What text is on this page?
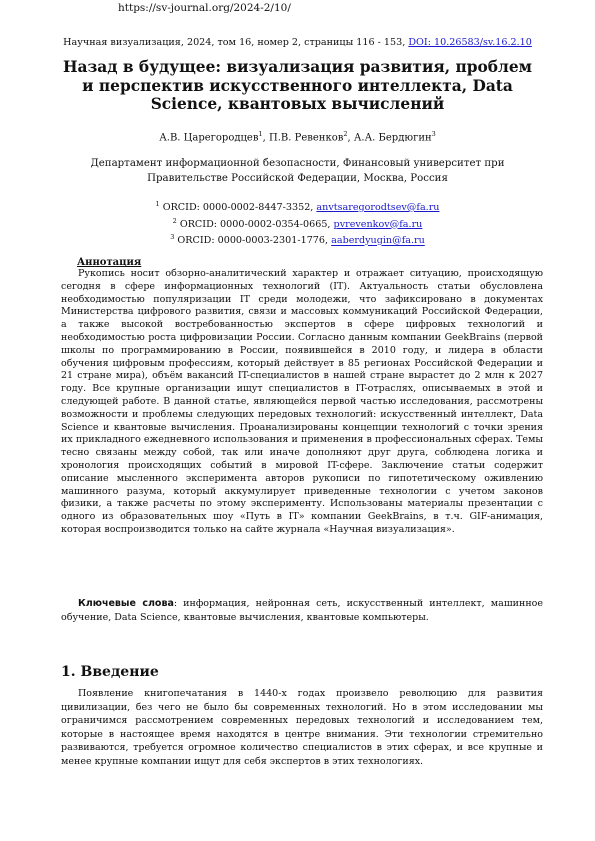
https://sv-journal.org/2024-2/10/
Научная визуализация, 2024, том 16, номер 2, страницы 116 - 153, DOI: 10.26583/sv.16.2.10
Назад в будущее: визуализация развития, проблем и перспектив искусственного интеллекта, Data Science, квантовых вычислений
А.В. Царегородцев$^1$, П.В. Ревенков$^2$, А.А. Бердюгин$^3$
Департамент информационной безопасности, Финансовый университет при Правительстве Российской Федерации, Москва, Россия
$^1$ ORCID: 0000-0002-8447-3352, anvtsaregorodtsev@fa.ru
$^2$ ORCID: 0000-0002-0354-0665, pvrevenkov@fa.ru
$^3$ ORCID: 0000-0003-2301-1776, aaberdyugin@fa.ru
Аннотация

Рукопись носит обзорно-аналитический характер и отражает ситуацию, происходящую сегодня в сфере информационных технологий (IT). Актуальность статьи обусловлена необходимостью популяризации IT среди молодежи, что зафиксировано в документах Министерства цифрового развития, связи и массовых коммуникаций Российской Федерации, а также высокой востребованностью экспертов в сфере цифровых технологий и необходимостью роста цифровизации России. Согласно данным компании GeekBrains (первой школы по программированию в России, появившейся в 2010 году, и лидера в области обучения цифровым профессиям, который действует в 85 регионах Российской Федерации и 21 стране мира), объём вакансий IT-специалистов в нашей стране вырастет до 2 млн к 2027 году. Все крупные организации ищут специалистов в IT-отраслях, описываемых в этой и следующей работе. В данной статье, являющейся первой частью исследования, рассмотрены возможности и проблемы следующих передовых технологий: искусственный интеллект, Data Science и квантовые вычисления. Проанализированы концепции технологий с точки зрения их прикладного ежедневного использования и применения в профессиональных сферах. Темы тесно связаны между собой, так или иначе дополняют друг друга, соблюдена логика и хронология происходящих событий в мировой IT-сфере. Заключение статьи содержит описание мысленного эксперимента авторов рукописи по гипотетическому оживлению машинного разума, который аккумулирует приведенные технологии с учетом законов физики, а также расчеты по этому эксперименту. Использованы материалы презентации с одного из образовательных шоу «Путь в IT» компании GeekBrains, в т.ч. GIF-анимация, которая воспроизводится только на сайте журнала «Научная визуализация».

Ключевые слова: информация, нейронная сеть, искусственный интеллект, машинное обучение, Data Science, квантовые вычисления, квантовые компьютеры.

1. Введение

Появление книгопечатания в 1440-х годах произвело революцию для развития цивилизации, без чего не было бы современных технологий. Но в этом исследовании мы ограничимся рассмотрением современных передовых технологий и исследованием тем, которые в настоящее время находятся в центре внимания. Эти технологии стремительно развиваются, требуется огромное количество специалистов в этих сферах, и все крупные и менее крупные компании ищут для себя экспертов в этих технологиях.
